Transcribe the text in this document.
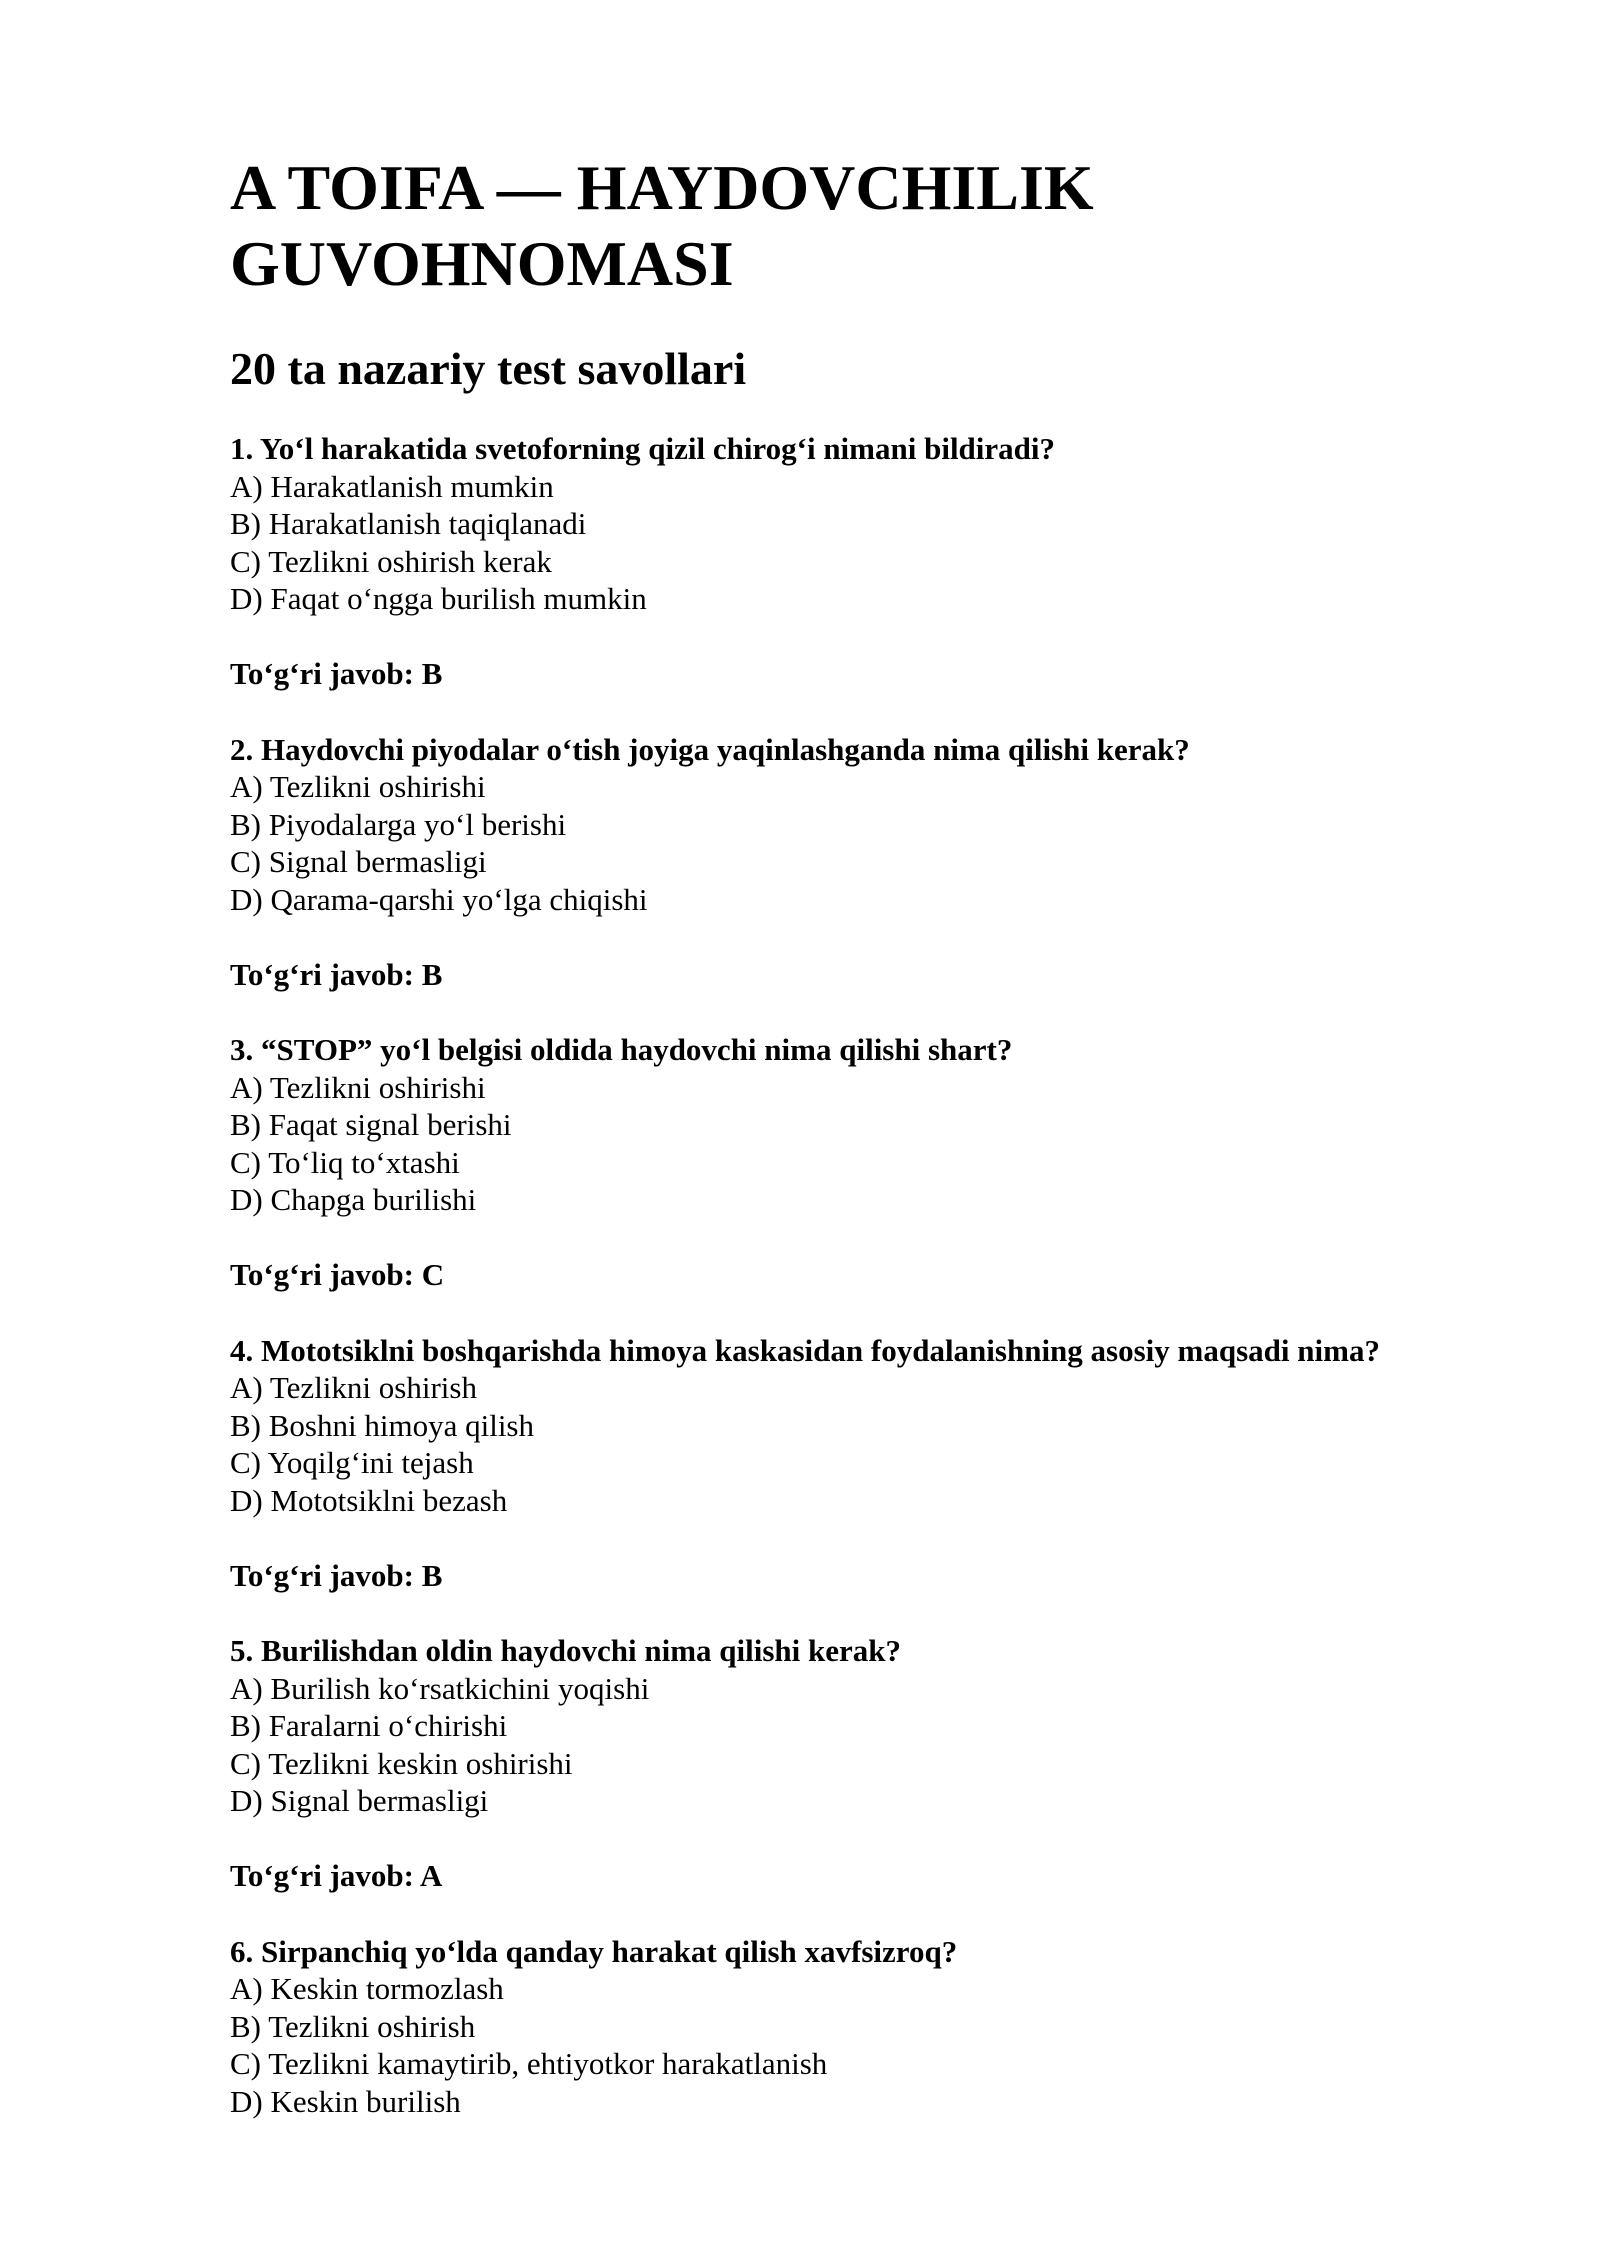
A TOIFA — HAYDOVCHILIK GUVOHNOMASI
20 ta nazariy test savollari

1. Yo‘l harakatida svetoforning qizil chirog‘i nimani bildiradi?

A) Harakatlanish mumkin
B) Harakatlanish taqiqlanadi
C) Tezlikni oshirish kerak
D) Faqat o‘ngga burilish mumkin

To‘g‘ri javob: B

2. Haydovchi piyodalar o‘tish joyiga yaqinlashganda nima qilishi kerak?

A) Tezlikni oshirishi
B) Piyodalarga yo‘l berishi
C) Signal bermasligi
D) Qarama-qarshi yo‘lga chiqishi

To‘g‘ri javob: B

3. “STOP” yo‘l belgisi oldida haydovchi nima qilishi shart?

A) Tezlikni oshirishi
B) Faqat signal berishi
C) To‘liq to‘xtashi
D) Chapga burilishi

To‘g‘ri javob: C

4. Mototsiklni boshqarishda himoya kaskasidan foydalanishning asosiy maqsadi nima?

A) Tezlikni oshirish
B) Boshni himoya qilish
C) Yoqilg‘ini tejash
D) Mototsiklni bezash

To‘g‘ri javob: B

5. Burilishdan oldin haydovchi nima qilishi kerak?

A) Burilish ko‘rsatkichini yoqishi
B) Faralarni o‘chirishi
C) Tezlikni keskin oshirishi
D) Signal bermasligi

To‘g‘ri javob: A

6. Sirpanchiq yo‘lda qanday harakat qilish xavfsizroq?

A) Keskin tormozlash
B) Tezlikni oshirish
C) Tezlikni kamaytirib, ehtiyotkor harakatlanish
D) Keskin burilish
